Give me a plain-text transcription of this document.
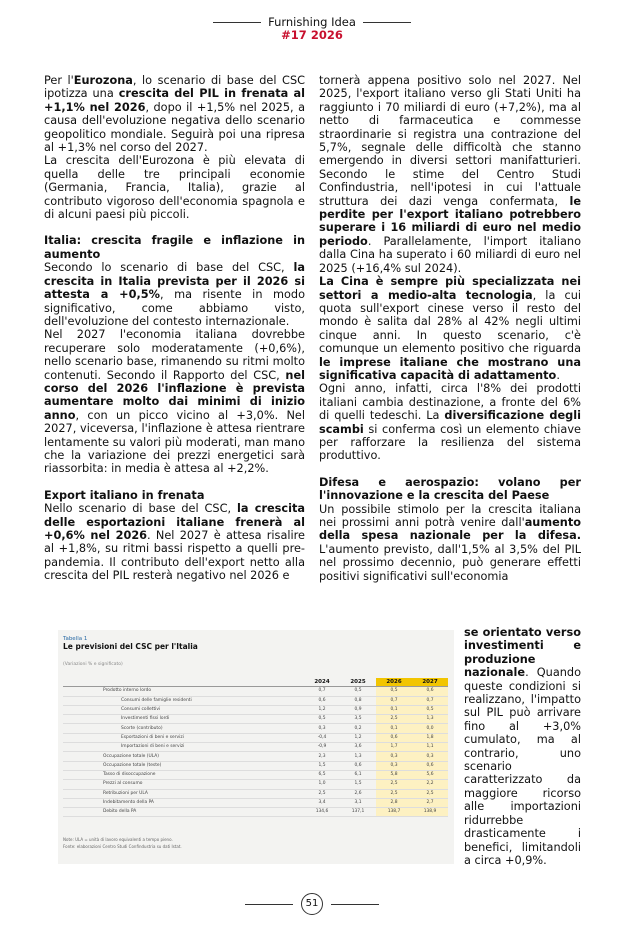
Furnishing Idea
#17 2026

Per l'Eurozona, lo scenario di base del CSC ipotizza una crescita del PIL in frenata al +1,1% nel 2026, dopo il +1,5% nel 2025, a causa dell'evoluzione negativa dello scenario geopolitico mondiale. Seguirà poi una ripresa al +1,3% nel corso del 2027.

La crescita dell'Eurozona è più elevata di quella delle tre principali economie (Germania, Francia, Italia), grazie al contributo vigoroso dell'economia spagnola e di alcuni paesi più piccoli.

Italia: crescita fragile e inflazione in aumento

Secondo lo scenario di base del CSC, la crescita in Italia prevista per il 2026 si attesta a +0,5%, ma risente in modo significativo, come abbiamo visto, dell'evoluzione del contesto internazionale.

Nel 2027 l'economia italiana dovrebbe recuperare solo moderatamente (+0,6%), nello scenario base, rimanendo su ritmi molto contenuti. Secondo il Rapporto del CSC, nel corso del 2026 l'inflazione è prevista aumentare molto dai minimi di inizio anno, con un picco vicino al +3,0%. Nel 2027, viceversa, l'inflazione è attesa rientrare lentamente su valori più moderati, man mano che la variazione dei prezzi energetici sarà riassorbita: in media è attesa al +2,2%.

Export italiano in frenata

Nello scenario di base del CSC, la crescita delle esportazioni italiane frenerà al +0,6% nel 2026. Nel 2027 è attesa risalire al +1,8%, su ritmi bassi rispetto a quelli pre-pandemia. Il contributo dell'export netto alla crescita del PIL resterà negativo nel 2026 e

tornerà appena positivo solo nel 2027. Nel 2025, l'export italiano verso gli Stati Uniti ha raggiunto i 70 miliardi di euro (+7,2%), ma al netto di farmaceutica e commesse straordinarie si registra una contrazione del 5,7%, segnale delle difficoltà che stanno emergendo in diversi settori manifatturieri. Secondo le stime del Centro Studi Confindustria, nell'ipotesi in cui l'attuale struttura dei dazi venga confermata, le perdite per l'export italiano potrebbero superare i 16 miliardi di euro nel medio periodo. Parallelamente, l'import italiano dalla Cina ha superato i 60 miliardi di euro nel 2025 (+16,4% sul 2024).

La Cina è sempre più specializzata nei settori a medio-alta tecnologia, la cui quota sull'export cinese verso il resto del mondo è salita dal 28% al 42% negli ultimi cinque anni. In questo scenario, c'è comunque un elemento positivo che riguarda le imprese italiane che mostrano una significativa capacità di adattamento.

Ogni anno, infatti, circa l'8% dei prodotti italiani cambia destinazione, a fronte del 6% di quelli tedeschi. La diversificazione degli scambi si conferma così un elemento chiave per rafforzare la resilienza del sistema produttivo.

Difesa e aerospazio: volano per l'innovazione e la crescita del Paese

Un possibile stimolo per la crescita italiana nei prossimi anni potrà venire dall'aumento della spesa nazionale per la difesa. L'aumento previsto, dall'1,5% al 3,5% del PIL nel prossimo decennio, può generare effetti positivi significativi sull'economia

Tabella 1
Le previsioni del CSC per l'Italia
(Variazioni % e significato)
	2024	2025	2026	2027
Prodotto interno lordo	0,7	0,5	0,5	0,6
Consumi delle famiglie residenti	0,6	0,8	0,7	0,7
Consumi collettivi	1,2	0,9	0,1	0,5
Investimenti fissi lordi	0,5	3,5	2,5	1,3
Scorte (contributo)	0,3	0,2	0,1	0,0
Esportazioni di beni e servizi	-0,4	1,2	0,6	1,8
Importazioni di beni e servizi	-0,9	3,6	1,7	1,1
Occupazione totale (ULA)	2,3	1,3	0,3	0,3
Occupazione totale (teste)	1,5	0,6	0,3	0,6
Tasso di disoccupazione	6,5	6,1	5,8	5,6
Prezzi al consumo	1,0	1,5	2,5	2,2
Retribuzioni per ULA	2,5	2,6	2,5	2,5
Indebitamento della PA	3,4	3,1	2,8	2,7
Debito della PA	134,6	137,1	138,7	138,9
Note: ULA = unità di lavoro equivalenti a tempo pieno.
Fonte: elaborazioni Centro Studi Confindustria su dati Istat.

se orientato verso investimenti e produzione nazionale. Quando queste condizioni si realizzano, l'impatto sul PIL può arrivare fino al +3,0% cumulato, ma al contrario, uno scenario caratterizzato da maggiore ricorso alle importazioni ridurrebbe drasticamente i benefici, limitandoli a circa +0,9%.

51
